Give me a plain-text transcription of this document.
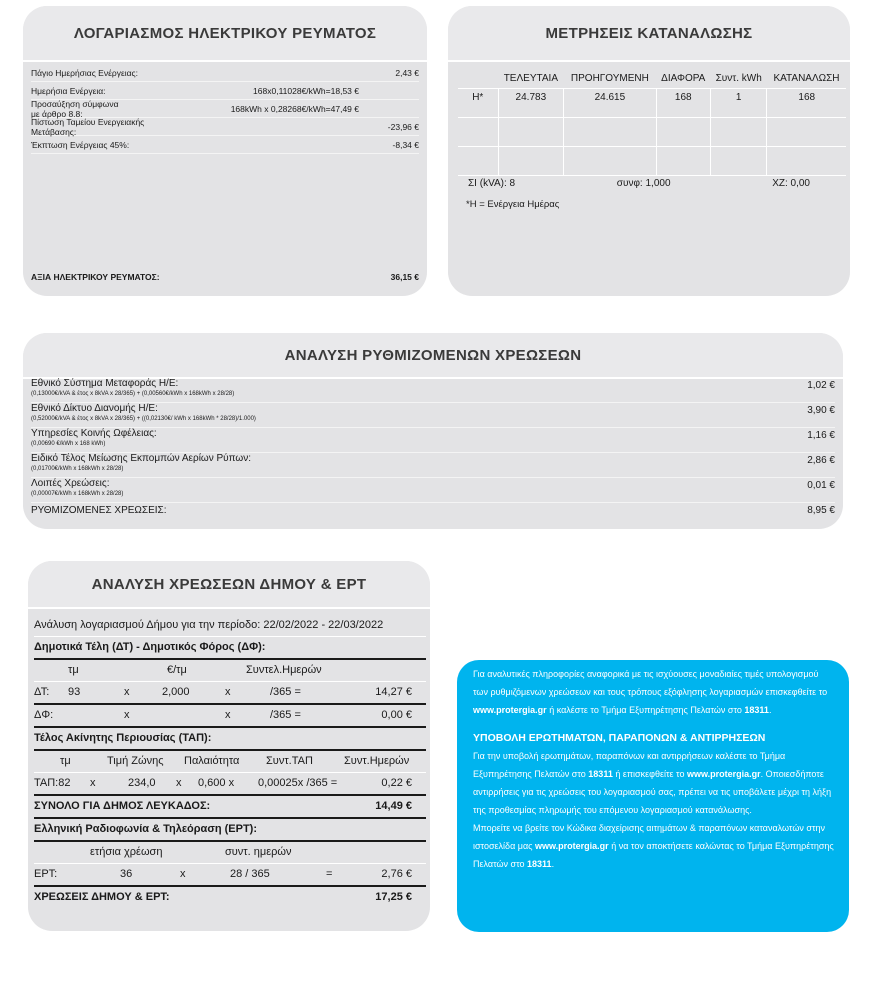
ΛΟΓΑΡΙΑΣΜΟΣ ΗΛΕΚΤΡΙΚΟΥ ΡΕΥΜΑΤΟΣ
Πάγιο Ημερήσιας Ενέργειας:	2,43 €
Ημερήσια Ενέργεια:	168x0,11028€/kWh=18,53 €
Προσαύξηση σύμφωνα με άρθρο 8.8:	168kWh x 0,28268€/kWh=47,49 €
Πίστωση Ταμείου Ενεργειακής Μετάβασης:	-23,96 €
Έκπτωση Ενέργειας 45%:	-8,34 €
ΑΞΙΑ ΗΛΕΚΤΡΙΚΟΥ ΡΕΥΜΑΤΟΣ:	36,15 €
ΜΕΤΡΗΣΕΙΣ ΚΑΤΑΝΑΛΩΣΗΣ
	ΤΕΛΕΥΤΑΙΑ	ΠΡΟΗΓΟΥΜΕΝΗ	ΔΙΑΦΟΡΑ	Συντ. kWh	ΚΑΤΑΝΑΛΩΣΗ
Η*	24.783	24.615	168	1	168

ΣΙ (kVA): 8	συνφ: 1,000	ΧΖ: 0,00
*Η = Ενέργεια Ημέρας
ΑΝΑΛΥΣΗ ΡΥΘΜΙΖΟΜΕΝΩΝ ΧΡΕΩΣΕΩΝ
Εθνικό Σύστημα Μεταφοράς Η/Ε:
(0,13000€/kVA & έτος x 8kVA x 28/365) + (0,00560€/kWh x 168kWh x 28/28)
1,02 €
Εθνικό Δίκτυο Διανομής Η/Ε:
(0,52000€/kVA & έτος x 8kVA x 28/365) + ((0,02130€/ kWh x 168kWh * 28/28)/1.000)
3,90 €
Υπηρεσίες Κοινής Ωφέλειας:
(0,00690 €/kWh x 168 kWh)
1,16 €
Ειδικό Τέλος Μείωσης Εκπομπών Αερίων Ρύπων:
(0,01700€/kWh x 168kWh x 28/28)
2,86 €
Λοιπές Χρεώσεις:
(0,00007€/kWh x 168kWh x 28/28)
0,01 €
ΡΥΘΜΙΖΟΜΕΝΕΣ ΧΡΕΩΣΕΙΣ:	8,95 €
ΑΝΑΛΥΣΗ ΧΡΕΩΣΕΩΝ ΔΗΜΟΥ & ΕΡΤ
Ανάλυση λογαριασμού Δήμου για την περίοδο: 22/02/2022 - 22/03/2022
Δημοτικά Τέλη (ΔΤ) - Δημοτικός Φόρος (ΔΦ):
τμ	€/τμ	Συντελ.Ημερών
ΔΤ: 93	x	2,000	x	/365 =	14,27 €
ΔΦ:	x	x	/365 =	0,00 €
Τέλος Ακίνητης Περιουσίας (ΤΑΠ):
τμ	Τιμή Ζώνης Παλαιότητα Συντ.ΤΑΠ	Συντ.Ημερών
ΤΑΠ:82 x	234,0 x 0,600 x 0,00025x /365 =	0,22 €
ΣΥΝΟΛΟ ΓΙΑ ΔΗΜΟΣ ΛΕΥΚΑΔΟΣ:	14,49 €
Ελληνική Ραδιοφωνία & Τηλεόραση (ΕΡΤ):
ετήσια χρέωση	συντ. ημερών
ΕΡΤ:	36	x	28 / 365	=	2,76 €
ΧΡΕΩΣΕΙΣ ΔΗΜΟΥ & ΕΡΤ:	17,25 €
Για αναλυτικές πληροφορίες αναφορικά με τις ισχύουσες μοναδιαίες τιμές υπολογισμού των ρυθμιζόμενων χρεώσεων και τους τρόπους εξόφλησης λογαριασμών επισκεφθείτε το www.protergia.gr ή καλέστε το Τμήμα Εξυπηρέτησης Πελατών στο 18311.
ΥΠΟΒΟΛΗ ΕΡΩΤΗΜΑΤΩΝ, ΠΑΡΑΠΟΝΩΝ & ΑΝΤΙΡΡΗΣΕΩΝ
Για την υποβολή ερωτημάτων, παραπόνων και αντιρρήσεων καλέστε το Τμήμα Εξυπηρέτησης Πελατών στο 18311 ή επισκεφθείτε το www.protergia.gr. Οποιεσδήποτε αντιρρήσεις για τις χρεώσεις του λογαριασμού σας, πρέπει να τις υποβάλετε μέχρι τη λήξη της προθεσμίας πληρωμής του επόμενου λογαριασμού κατανάλωσης.
Μπορείτε να βρείτε τον Κώδικα διαχείρισης αιτημάτων & παραπόνων καταναλωτών στην ιστοσελίδα μας www.protergia.gr ή να τον αποκτήσετε καλώντας το Τμήμα Εξυπηρέτησης Πελατών στο 18311.
